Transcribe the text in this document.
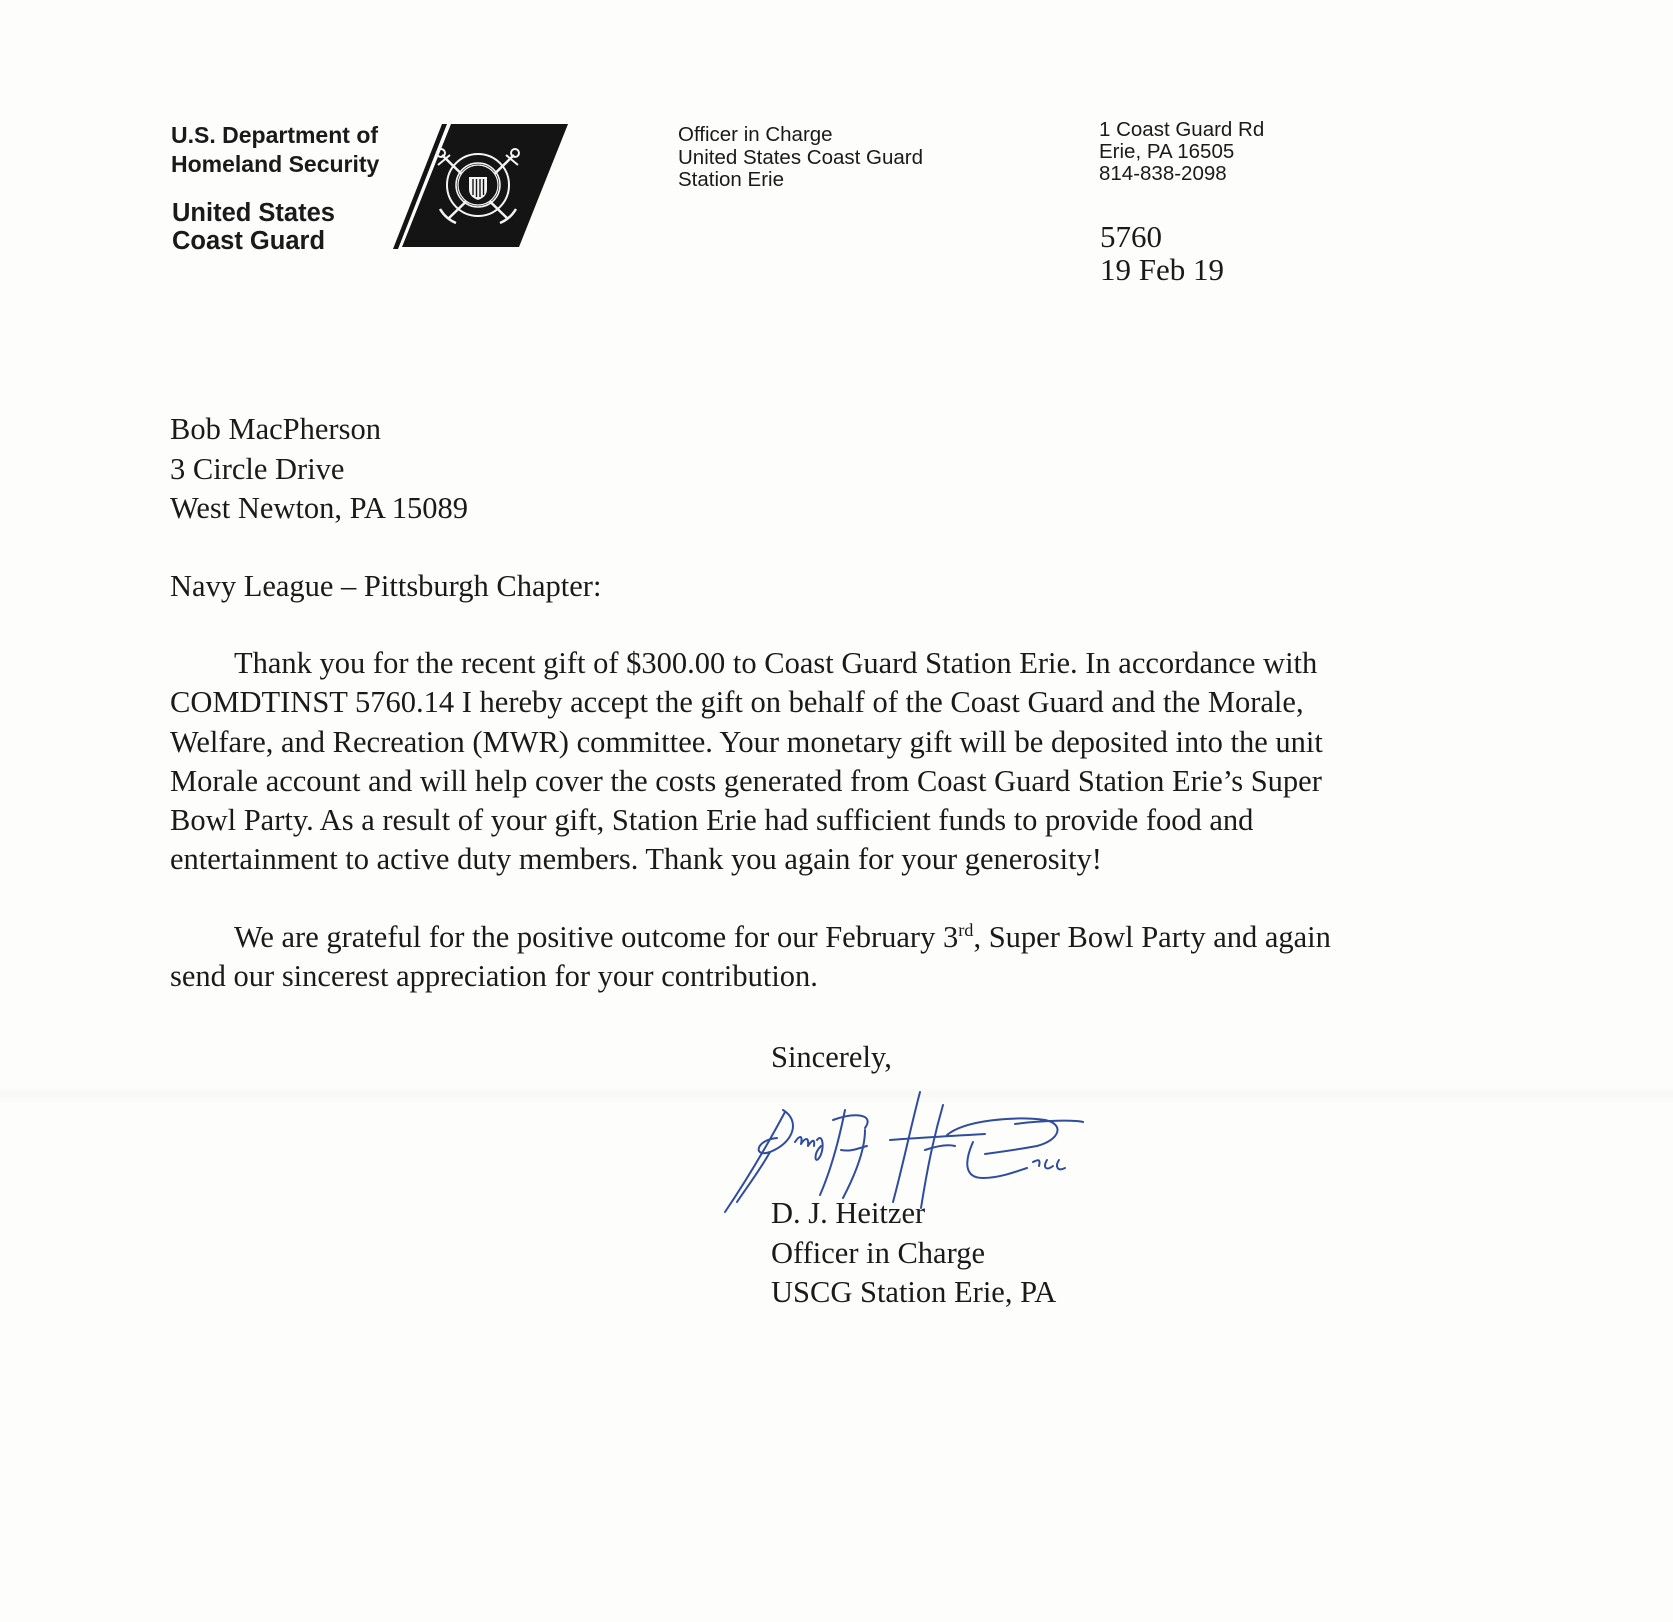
U.S. Department of
Homeland Security
United States
Coast Guard
Officer in Charge
United States Coast Guard
Station Erie
1 Coast Guard Rd
Erie, PA 16505
814-838-2098
5760
19 Feb 19
Bob MacPherson
3 Circle Drive
West Newton, PA 15089
Navy League – Pittsburgh Chapter:
Thank you for the recent gift of $300.00 to Coast Guard Station Erie. In accordance with
COMDTINST 5760.14 I hereby accept the gift on behalf of the Coast Guard and the Morale,
Welfare, and Recreation (MWR) committee. Your monetary gift will be deposited into the unit
Morale account and will help cover the costs generated from Coast Guard Station Erie’s Super
Bowl Party. As a result of your gift, Station Erie had sufficient funds to provide food and
entertainment to active duty members. Thank you again for your generosity!
We are grateful for the positive outcome for our February 3rd, Super Bowl Party and again
send our sincerest appreciation for your contribution.
Sincerely,
D. J. Heitzer
Officer in Charge
USCG Station Erie, PA
